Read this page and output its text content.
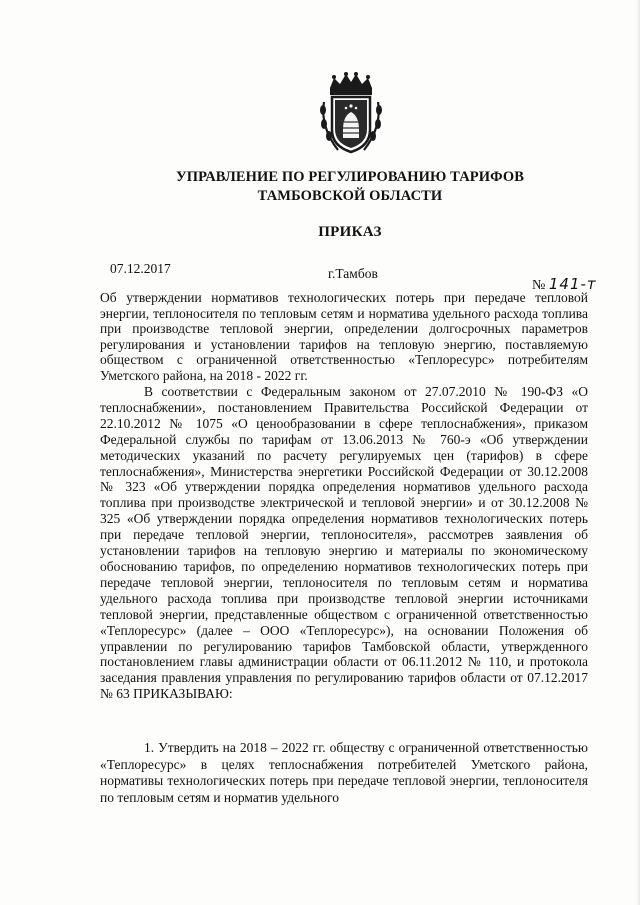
УПРАВЛЕНИЕ ПО РЕГУЛИРОВАНИЮ ТАРИФОВ
ТАМБОВСКОЙ ОБЛАСТИ
ПРИКАЗ
07.12.2017	г.Тамбов
№ 141-т
Об утверждении нормативов технологических потерь при передаче тепловой энергии, теплоносителя по тепловым сетям и норматива удельного расхода топлива при производстве тепловой энергии, определении долгосрочных параметров регулирования и установлении тарифов на тепловую энергию, поставляемую обществом с ограниченной ответственностью «Теплоресурс» потребителям Уметского района, на 2018 - 2022 гг.
В соответствии с Федеральным законом от 27.07.2010 № 190-ФЗ «О теплоснабжении», постановлением Правительства Российской Федерации от 22.10.2012 № 1075 «О ценообразовании в сфере теплоснабжения», приказом Федеральной службы по тарифам от 13.06.2013 № 760-э «Об утверждении методических указаний по расчету регулируемых цен (тарифов) в сфере теплоснабжения», Министерства энергетики Российской Федерации от 30.12.2008 № 323 «Об утверждении порядка определения нормативов удельного расхода топлива при производстве электрической и тепловой энергии» и от 30.12.2008 № 325 «Об утверждении порядка определения нормативов технологических потерь при передаче тепловой энергии, теплоносителя», рассмотрев заявления об установлении тарифов на тепловую энергию и материалы по экономическому обоснованию тарифов, по определению нормативов технологических потерь при передаче тепловой энергии, теплоносителя по тепловым сетям и норматива удельного расхода топлива при производстве тепловой энергии источниками тепловой энергии, представленные обществом с ограниченной ответственностью «Теплоресурс» (далее – ООО «Теплоресурс»), на основании Положения об управлении по регулированию тарифов Тамбовской области, утвержденного постановлением главы администрации области от 06.11.2012 № 110, и протокола заседания правления управления по регулированию тарифов области от 07.12.2017 № 63 ПРИКАЗЫВАЮ:
1. Утвердить на 2018 – 2022 гг. обществу с ограниченной ответственностью «Теплоресурс» в целях теплоснабжения потребителей Уметского района, нормативы технологических потерь при передаче тепловой энергии, теплоносителя по тепловым сетям и норматив удельного
